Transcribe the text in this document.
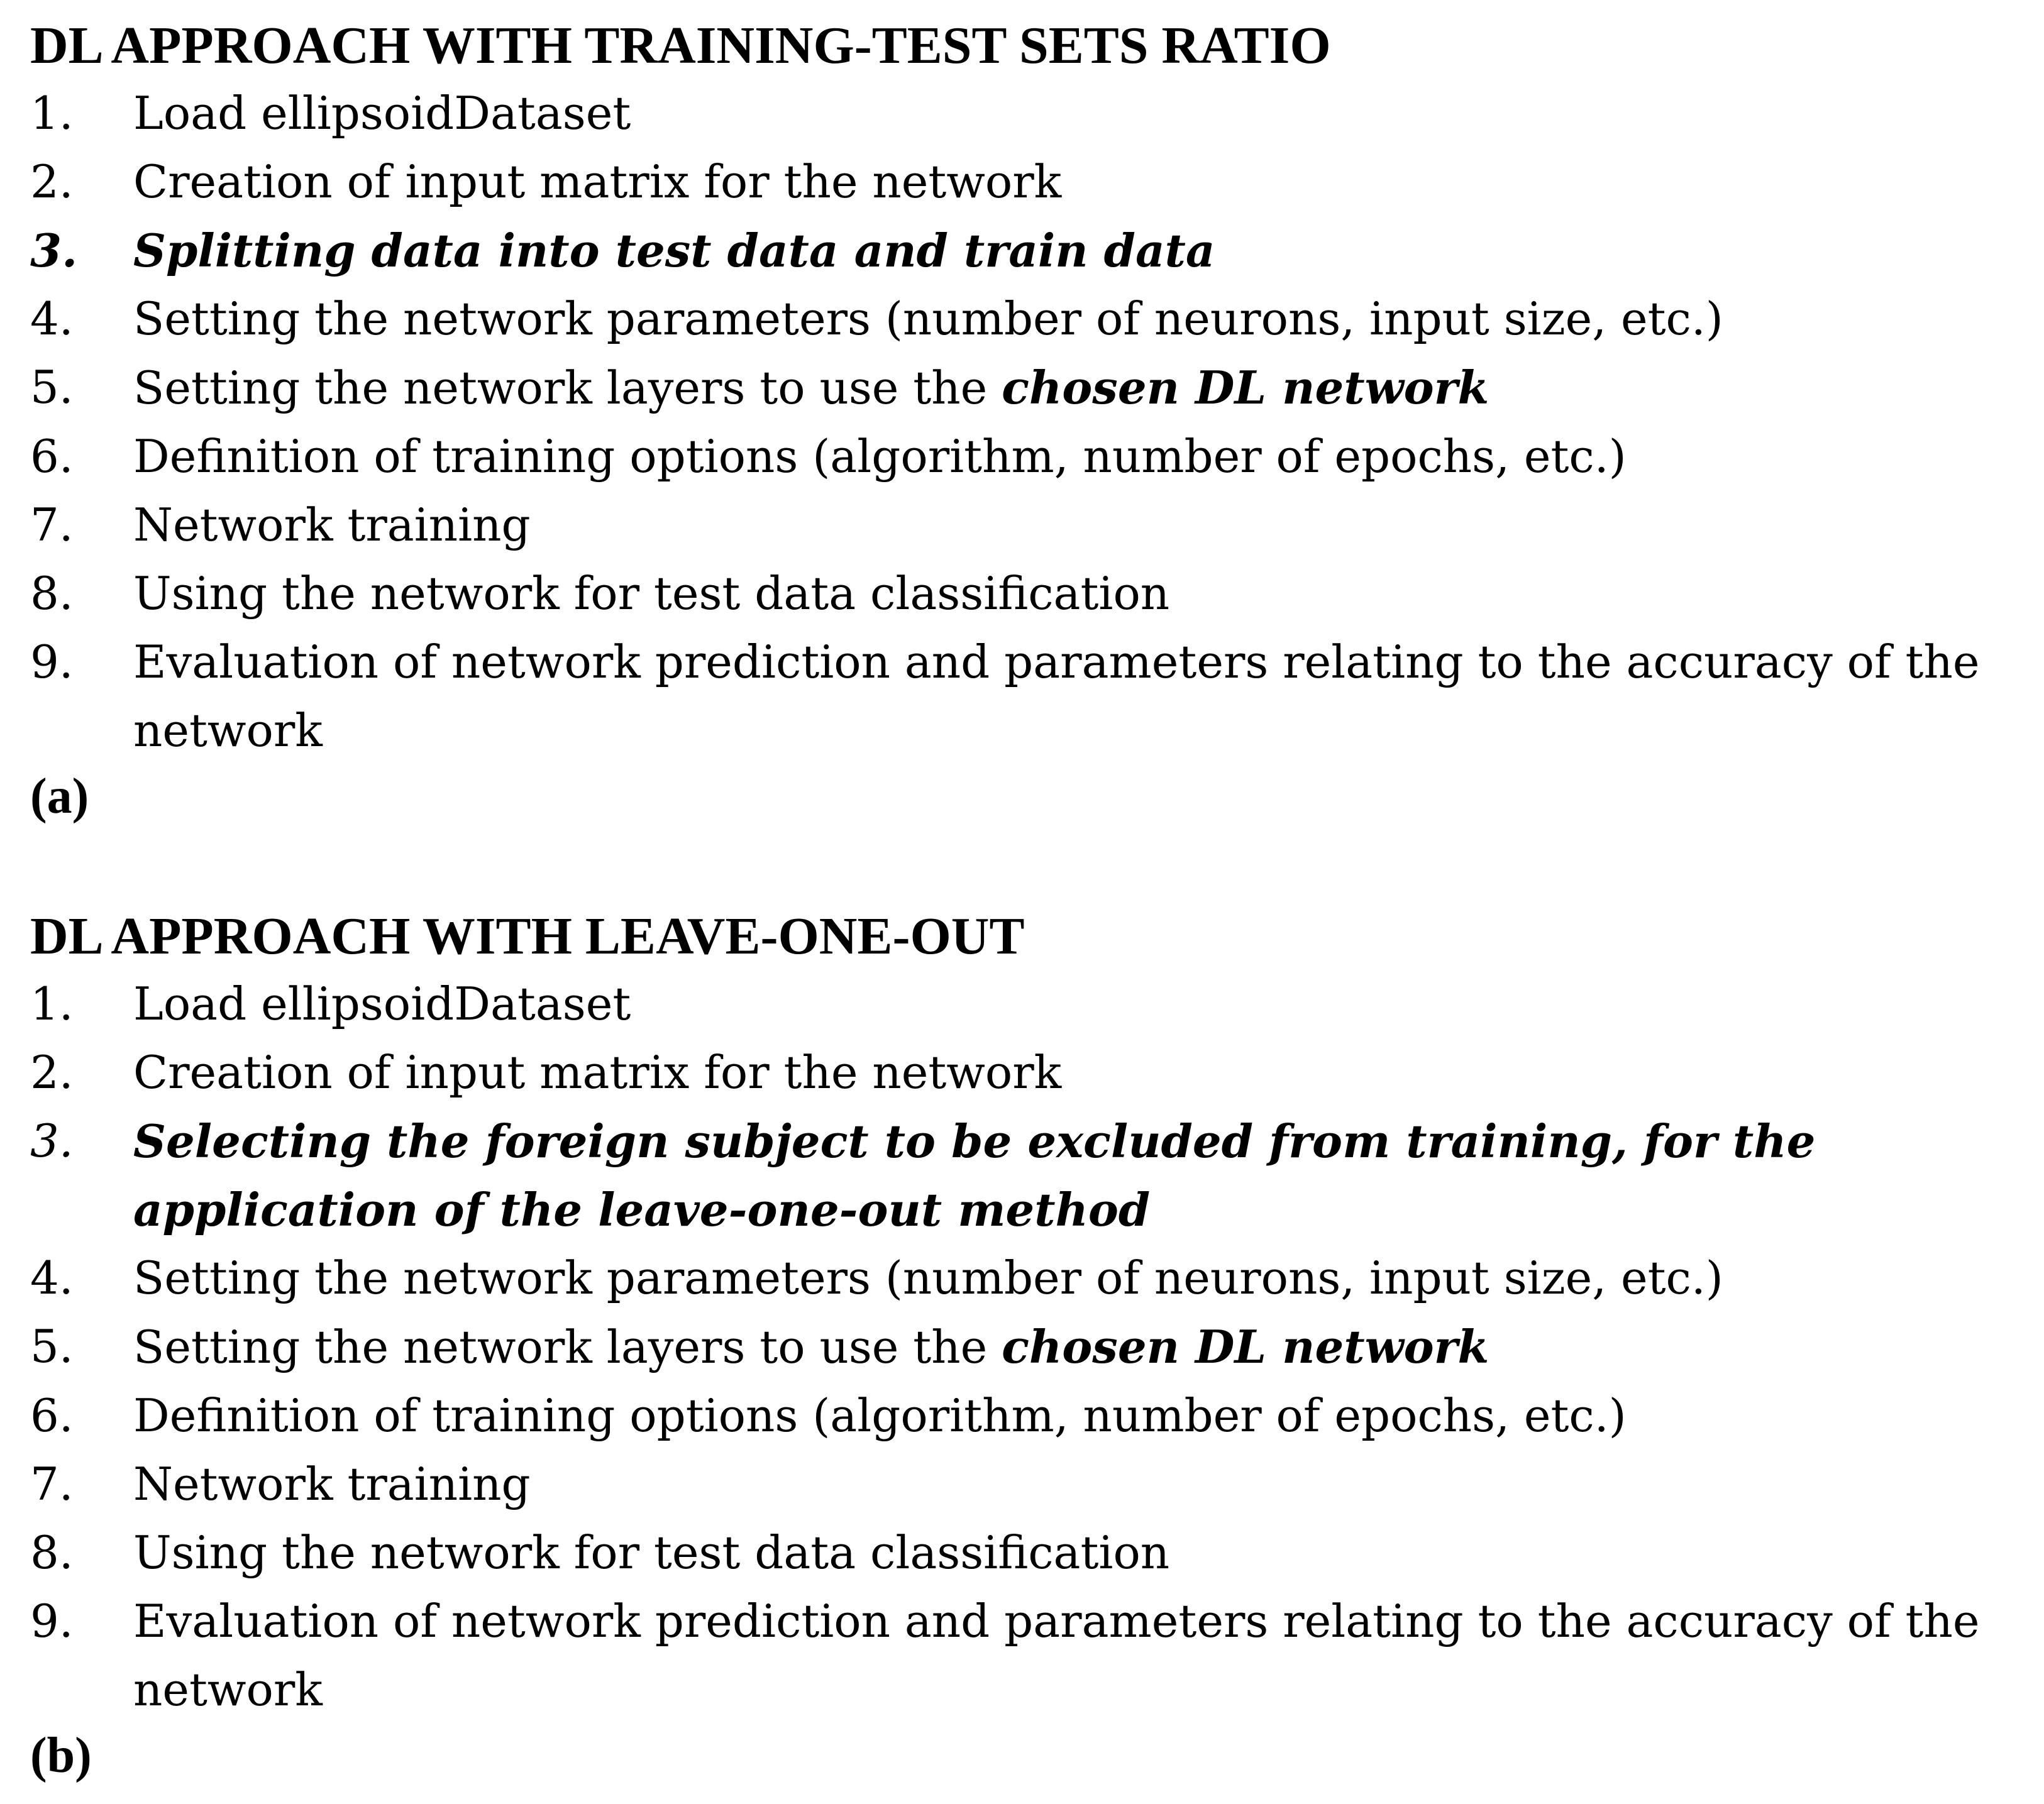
DL APPROACH WITH TRAINING-TEST SETS RATIO
1.	Load ellipsoidDataset
2.	Creation of input matrix for the network
3.	Splitting data into test data and train data
4.	Setting the network parameters (number of neurons, input size, etc.)
5.	Setting the network layers to use the chosen DL network
6.	Definition of training options (algorithm, number of epochs, etc.)
7.	Network training
8.	Using the network for test data classification
9.	Evaluation of network prediction and parameters relating to the accuracy of the network
(a)
DL APPROACH WITH LEAVE-ONE-OUT
1.	Load ellipsoidDataset
2.	Creation of input matrix for the network
3.	Selecting the foreign subject to be excluded from training, for the application of the leave-one-out method
4.	Setting the network parameters (number of neurons, input size, etc.)
5.	Setting the network layers to use the chosen DL network
6.	Definition of training options (algorithm, number of epochs, etc.)
7.	Network training
8.	Using the network for test data classification
9.	Evaluation of network prediction and parameters relating to the accuracy of the network
(b)
